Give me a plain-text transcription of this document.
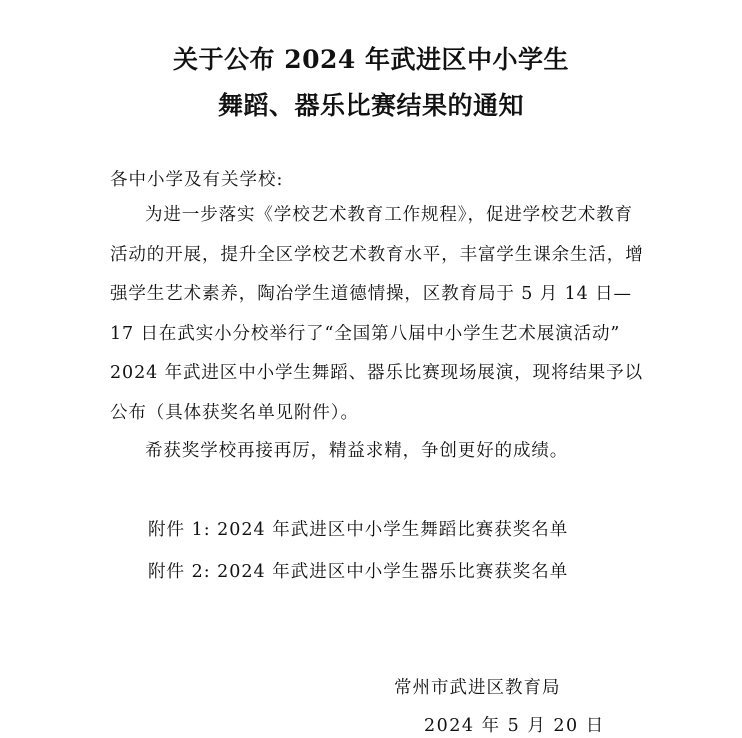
关于公布 2024 年武进区中小学生
舞蹈、器乐比赛结果的通知

各中小学及有关学校:

为进一步落实《学校艺术教育工作规程》，促进学校艺术教育活动的开展，提升全区学校艺术教育水平，丰富学生课余生活，增强学生艺术素养，陶冶学生道德情操，区教育局于 5 月 14 日— 17 日在武实小分校举行了“全国第八届中小学生艺术展演活动” 2024 年武进区中小学生舞蹈、器乐比赛现场展演，现将结果予以公布（具体获奖名单见附件）。

希获奖学校再接再厉，精益求精，争创更好的成绩。

附件 1: 2024 年武进区中小学生舞蹈比赛获奖名单

附件 2: 2024 年武进区中小学生器乐比赛获奖名单

常州市武进区教育局

2024 年 5 月 20 日
